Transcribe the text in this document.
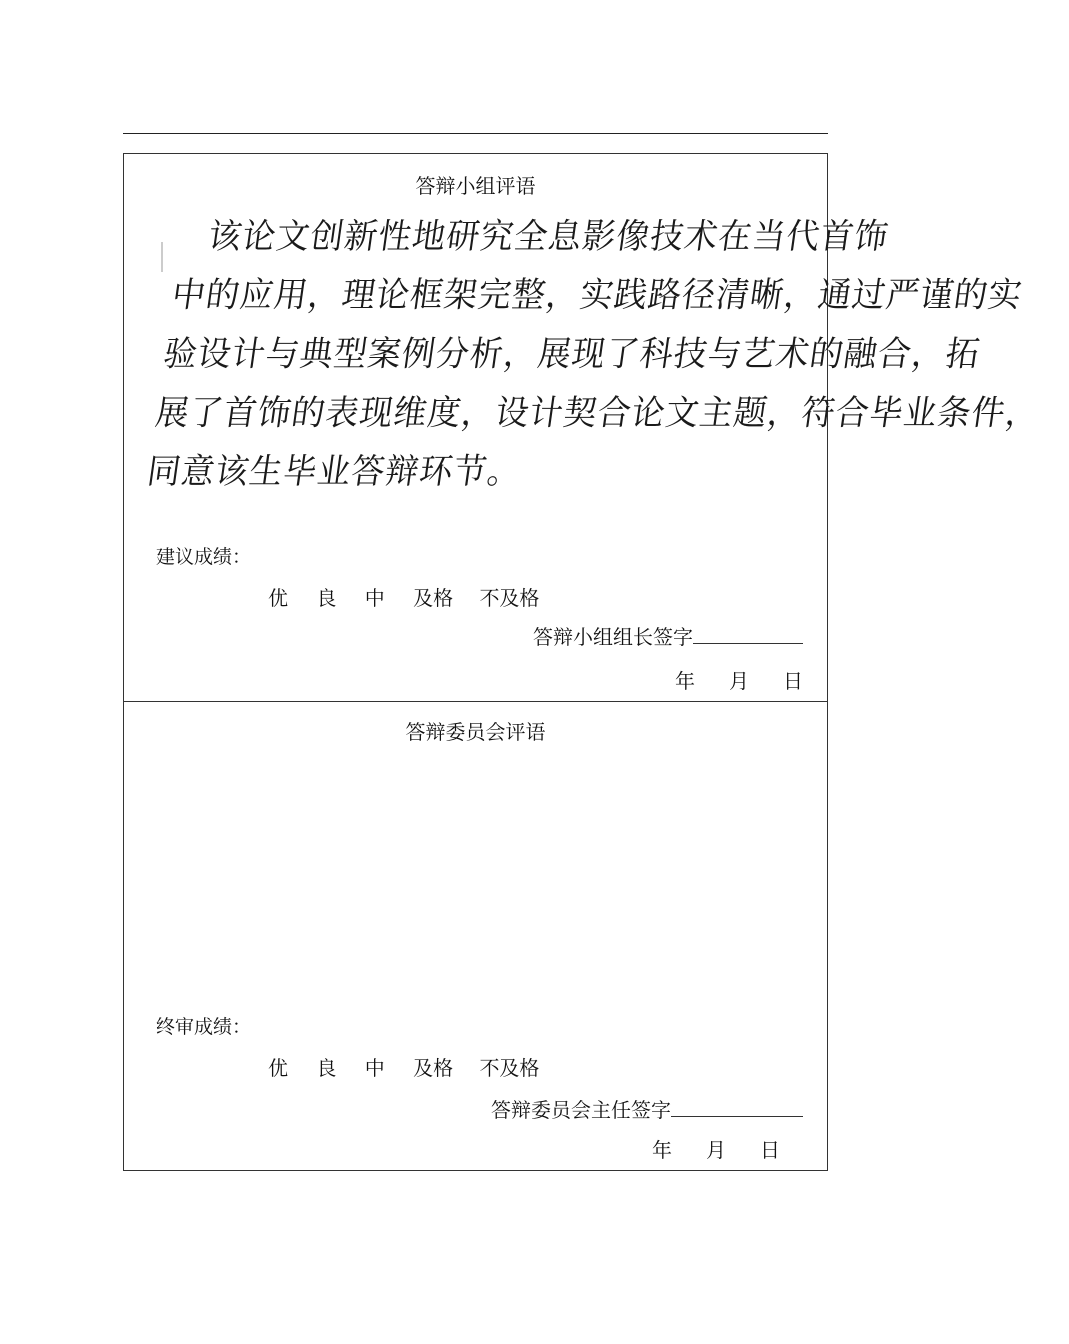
答辩小组评语
该论文创新性地研究全息影像技术在当代首饰
中的应用，理论框架完整，实践路径清晰，通过严谨的实
验设计与典型案例分析，展现了科技与艺术的融合，拓
展了首饰的表现维度，设计契合论文主题，符合毕业条件，
同意该生毕业答辩环节。
建议成绩：
优 良 中 及格 不及格
答辩小组组长签字
年 月 日
答辩委员会评语
终审成绩：
优 良 中 及格 不及格
答辩委员会主任签字
年 月 日
